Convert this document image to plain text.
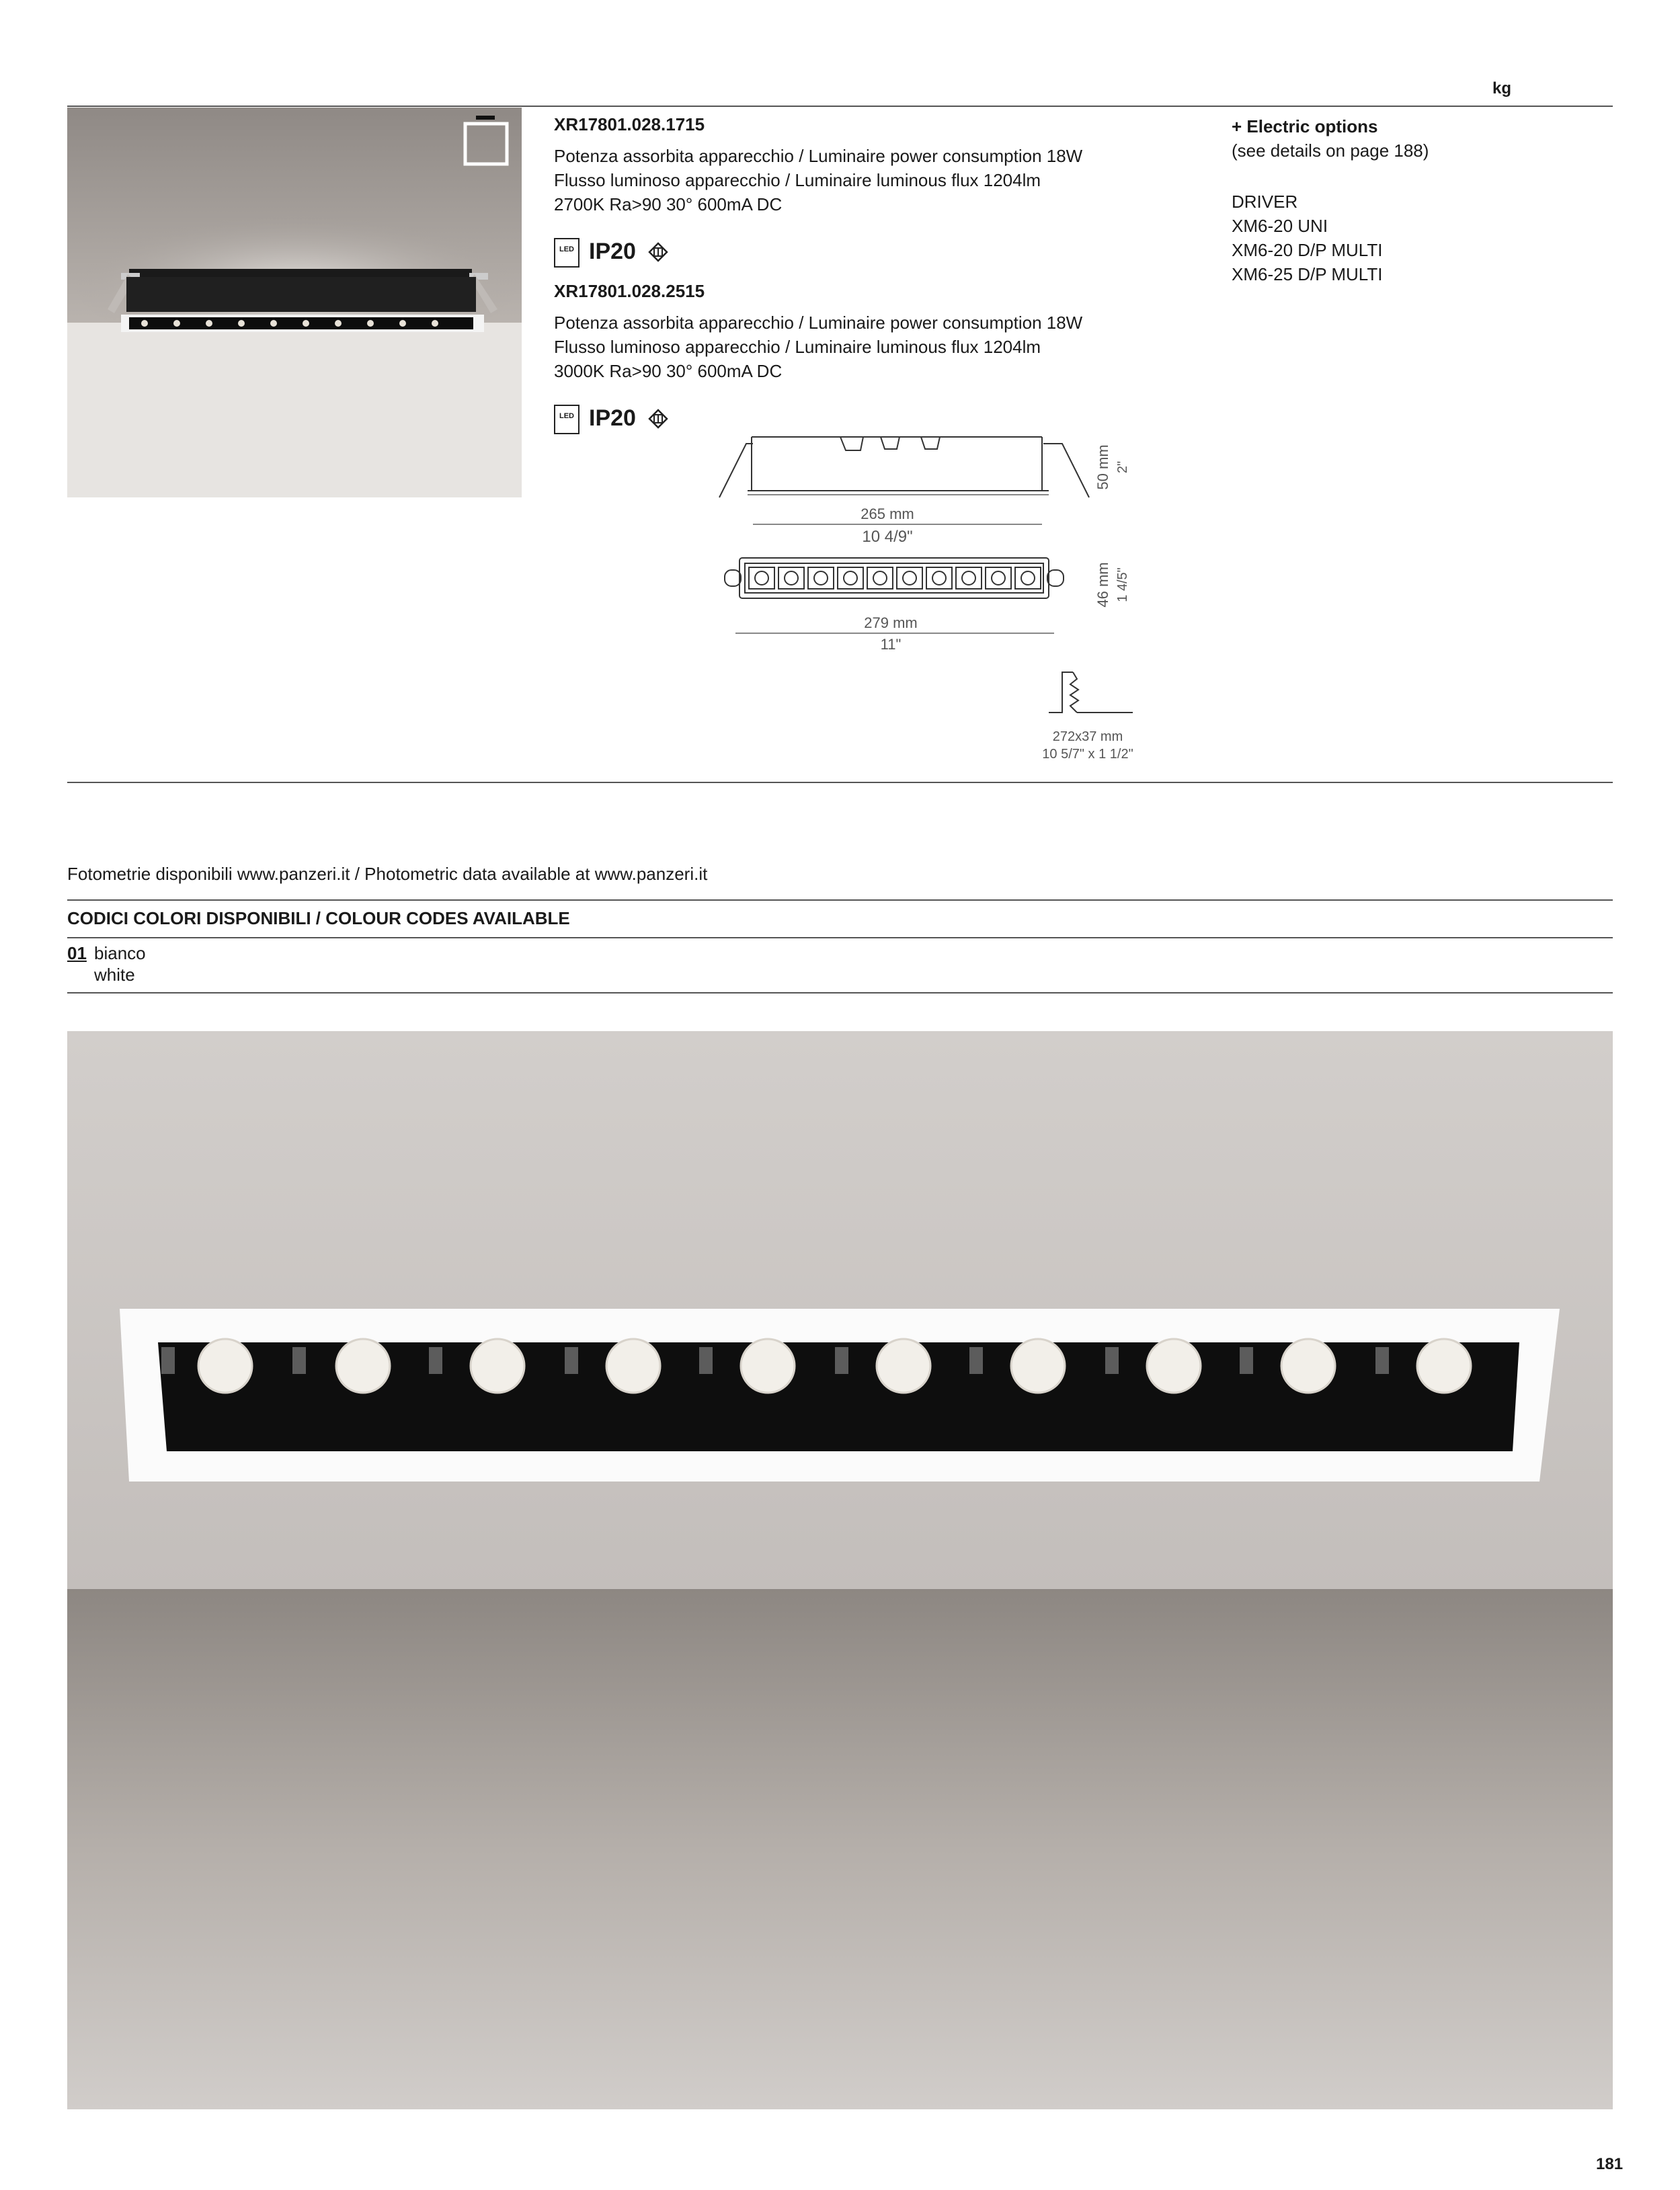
kg
XR17801.028.1715
Potenza assorbita apparecchio / Luminaire power consumption 18W
Flusso luminoso apparecchio / Luminaire luminous flux 1204lm
2700K Ra>90 30° 600mA DC
LED IP20
XR17801.028.2515
Potenza assorbita apparecchio / Luminaire power consumption 18W
Flusso luminoso apparecchio / Luminaire luminous flux 1204lm
3000K Ra>90 30° 600mA DC
LED IP20
+ Electric options
(see details on page 188)
DRIVER
XM6-20 UNI
XM6-20 D/P MULTI
XM6-25 D/P MULTI
265 mm
10 4/9"
50 mm 2"
279 mm
11"
46 mm 1 4/5"
272x37 mm
10 5/7" x 1 1/2"
Fotometrie disponibili www.panzeri.it / Photometric data available at www.panzeri.it
CODICI COLORI DISPONIBILI / COLOUR CODES AVAILABLE
01 bianco
white
181
